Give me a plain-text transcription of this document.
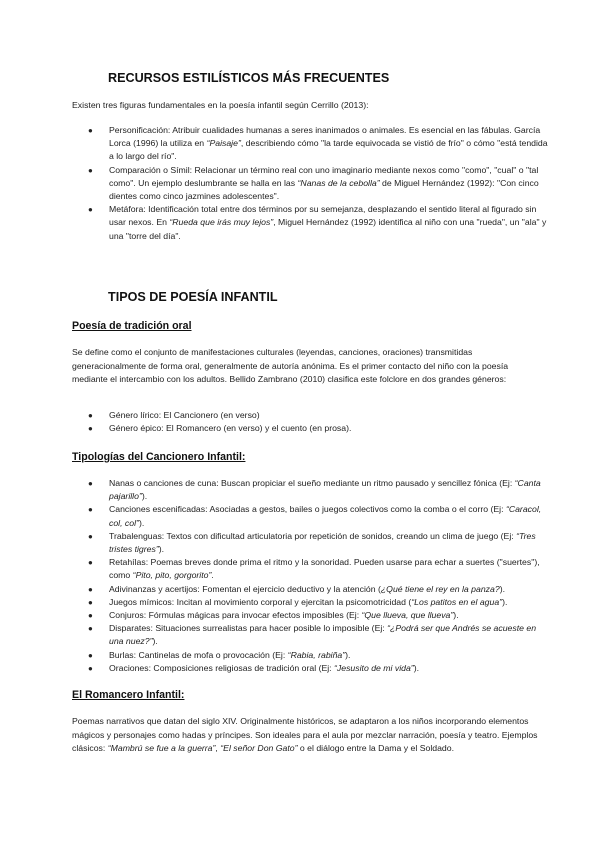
RECURSOS ESTILÍSTICOS MÁS FRECUENTES
Existen tres figuras fundamentales en la poesía infantil según Cerrillo (2013):
● Personificación: Atribuir cualidades humanas a seres inanimados o animales. Es esencial en las fábulas. García Lorca (1996) la utiliza en “Paisaje”, describiendo cómo "la tarde equivocada se vistió de frío" o cómo "está tendida a lo largo del río".
● Comparación o Símil: Relacionar un término real con uno imaginario mediante nexos como "como", "cual" o "tal como". Un ejemplo deslumbrante se halla en las “Nanas de la cebolla” de Miguel Hernández (1992): "Con cinco dientes como cinco jazmines adolescentes".
● Metáfora: Identificación total entre dos términos por su semejanza, desplazando el sentido literal al figurado sin usar nexos. En “Rueda que irás muy lejos”, Miguel Hernández (1992) identifica al niño con una "rueda", un "ala" y una "torre del día".
TIPOS DE POESÍA INFANTIL
Poesía de tradición oral
Se define como el conjunto de manifestaciones culturales (leyendas, canciones, oraciones) transmitidas generacionalmente de forma oral, generalmente de autoría anónima. Es el primer contacto del niño con la poesía mediante el intercambio con los adultos. Bellido Zambrano (2010) clasifica este folclore en dos grandes géneros:
● Género lírico: El Cancionero (en verso)
● Género épico: El Romancero (en verso) y el cuento (en prosa).
Tipologías del Cancionero Infantil:
● Nanas o canciones de cuna: Buscan propiciar el sueño mediante un ritmo pausado y sencillez fónica (Ej: “Canta pajarillo”).
● Canciones escenificadas: Asociadas a gestos, bailes o juegos colectivos como la comba o el corro (Ej: “Caracol, col, col”).
● Trabalenguas: Textos con dificultad articulatoria por repetición de sonidos, creando un clima de juego (Ej: “Tres tristes tigres”).
● Retahílas: Poemas breves donde prima el ritmo y la sonoridad. Pueden usarse para echar a suertes ("suertes"), como “Pito, pito, gorgorito”.
● Adivinanzas y acertijos: Fomentan el ejercicio deductivo y la atención (¿Qué tiene el rey en la panza?).
● Juegos mímicos: Incitan al movimiento corporal y ejercitan la psicomotricidad (“Los patitos en el agua”).
● Conjuros: Fórmulas mágicas para invocar efectos imposibles (Ej: “Que llueva, que llueva”).
● Disparates: Situaciones surrealistas para hacer posible lo imposible (Ej: “¿Podrá ser que Andrés se acueste en una nuez?”).
● Burlas: Cantinelas de mofa o provocación (Ej: “Rabia, rabiña”).
● Oraciones: Composiciones religiosas de tradición oral (Ej: “Jesusito de mi vida”).
El Romancero Infantil:
Poemas narrativos que datan del siglo XIV. Originalmente históricos, se adaptaron a los niños incorporando elementos mágicos y personajes como hadas y príncipes. Son ideales para el aula por mezclar narración, poesía y teatro. Ejemplos clásicos: “Mambrú se fue a la guerra”, “El señor Don Gato” o el diálogo entre la Dama y el Soldado.
